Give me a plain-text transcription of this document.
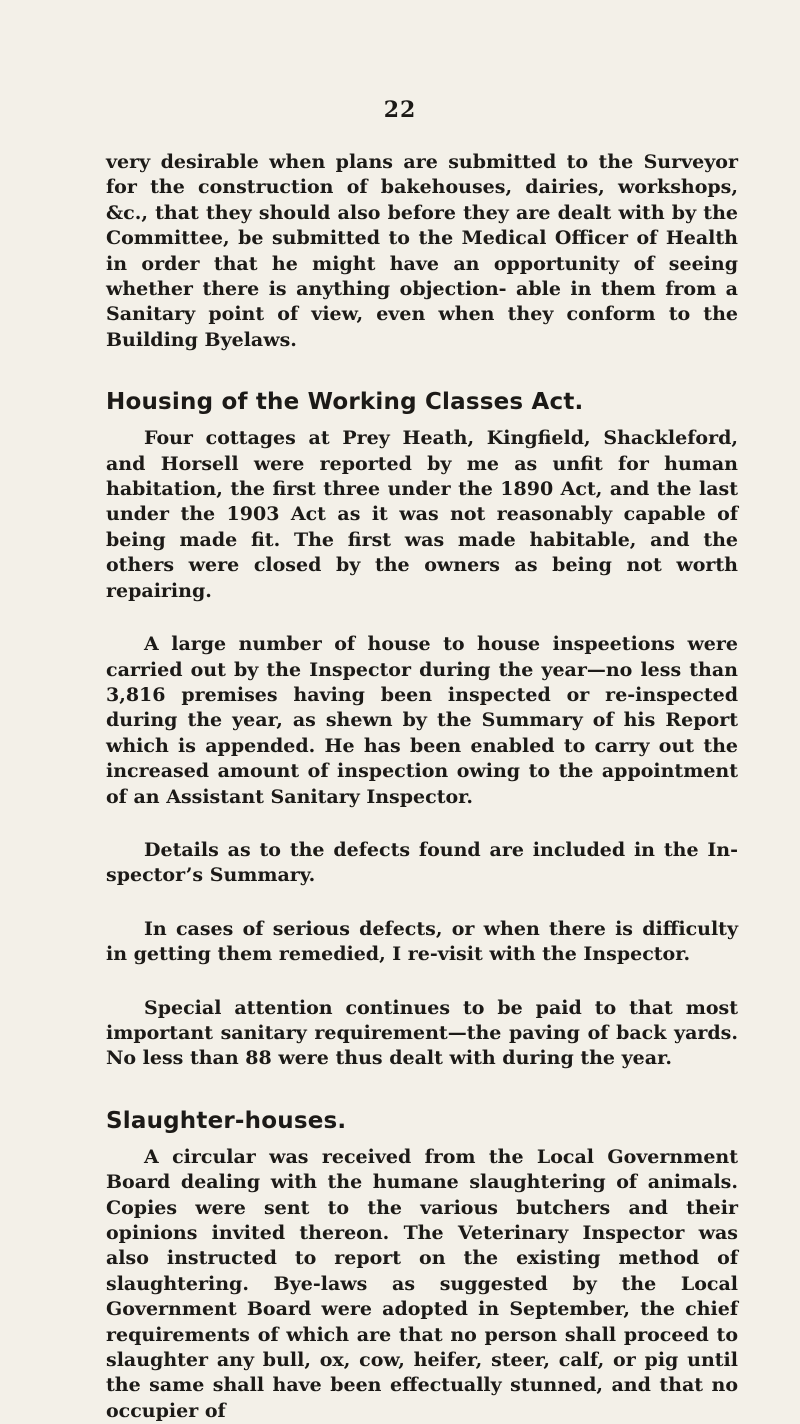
22

very desirable when plans are submitted to the Surveyor for the construction of bakehouses, dairies, workshops, &c., that they should also before they are dealt with by the Committee, be submitted to the Medical Officer of Health in order that he might have an opportunity of seeing whether there is anything objection- able in them from a Sanitary point of view, even when they conform to the Building Byelaws.

Housing of the Working Classes Act.

Four cottages at Prey Heath, Kingfield, Shackleford, and Horsell were reported by me as unfit for human habitation, the first three under the 1890 Act, and the last under the 1903 Act as it was not reasonably capable of being made fit. The first was made habitable, and the others were closed by the owners as being not worth repairing.

A large number of house to house inspeetions were carried out by the Inspector during the year—no less than 3,816 premises having been inspected or re-inspected during the year, as shewn by the Summary of his Report which is appended. He has been enabled to carry out the increased amount of inspection owing to the appointment of an Assistant Sanitary Inspector.

Details as to the defects found are included in the In- spector’s Summary.

In cases of serious defects, or when there is difficulty in getting them remedied, I re-visit with the Inspector.

Special attention continues to be paid to that most important sanitary requirement—the paving of back yards. No less than 88 were thus dealt with during the year.

Slaughter-houses.

A circular was received from the Local Government Board dealing with the humane slaughtering of animals. Copies were sent to the various butchers and their opinions invited thereon. The Veterinary Inspector was also instructed to report on the existing method of slaughtering. Bye-laws as suggested by the Local Government Board were adopted in September, the chief requirements of which are that no person shall proceed to slaughter any bull, ox, cow, heifer, steer, calf, or pig until the same shall have been effectually stunned, and that no occupier of
